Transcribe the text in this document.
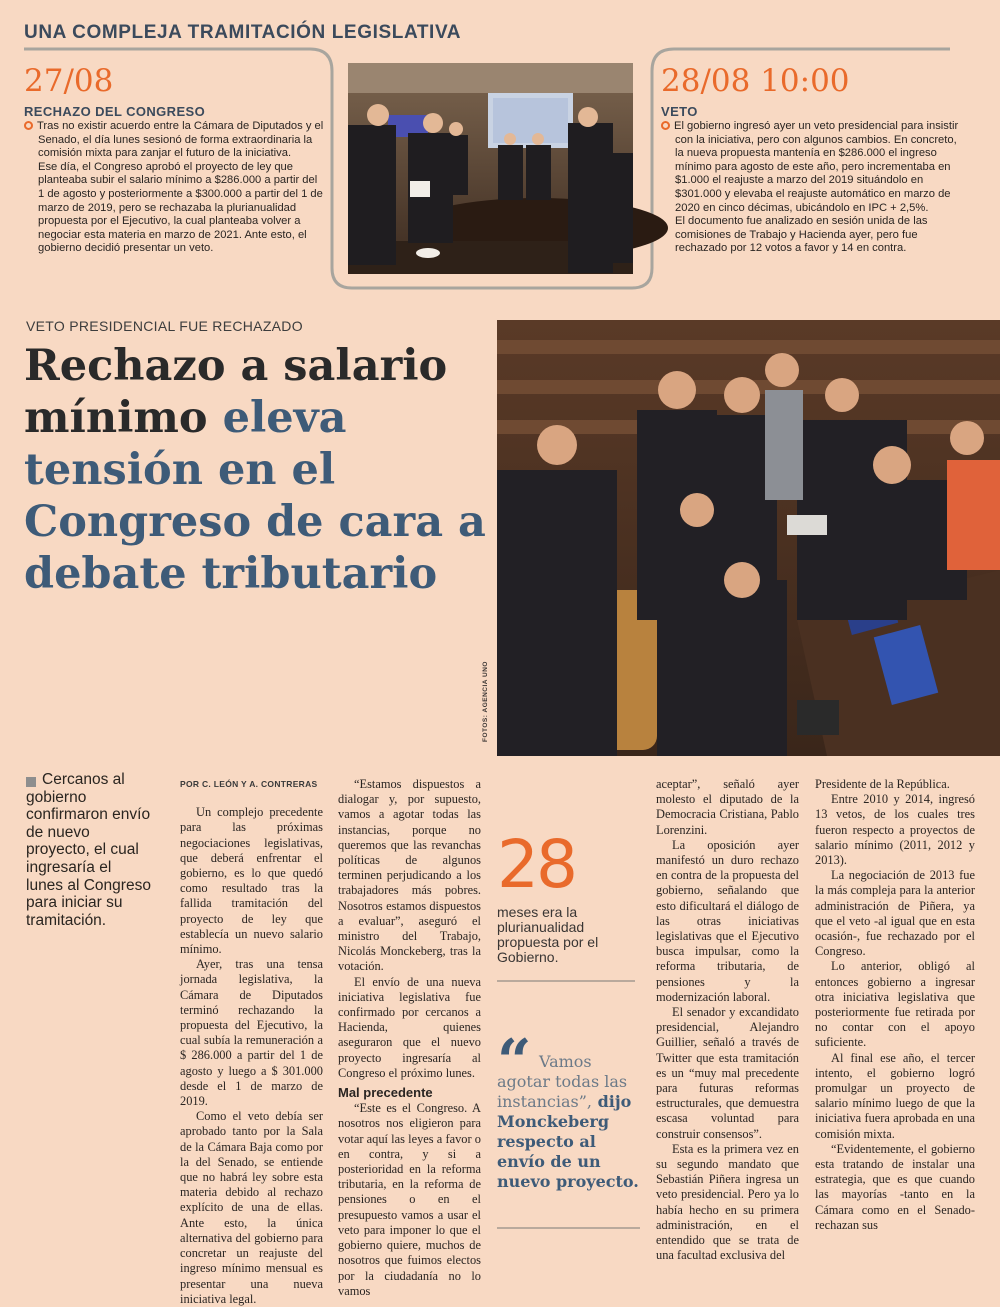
UNA COMPLEJA TRAMITACIÓN LEGISLATIVA
27/08
RECHAZO DEL CONGRESO

Tras no existir acuerdo entre la Cámara de Diputados y el Senado, el día lunes sesionó de forma extraordinaria la comisión mixta para zanjar el futuro de la iniciativa.

Ese día, el Congreso aprobó el proyecto de ley que planteaba subir el salario mínimo a $286.000 a partir del 1 de agosto y posteriormente a $300.000 a partir del 1 de marzo de 2019, pero se rechazaba la plurianualidad propuesta por el Ejecutivo, la cual planteaba volver a negociar esta materia en marzo de 2021. Ante esto, el gobierno decidió presentar un veto.

28/08 10:00
VETO

El gobierno ingresó ayer un veto presidencial para insistir con la iniciativa, pero con algunos cambios. En concreto, la nueva propuesta mantenía en $286.000 el ingreso mínimo para agosto de este año, pero incrementaba en $1.000 el reajuste a marzo del 2019 situándolo en $301.000 y elevaba el reajuste automático en marzo de 2020 en cinco décimas, ubicándolo en IPC + 2,5%.

El documento fue analizado en sesión unida de las comisiones de Trabajo y Hacienda ayer, pero fue rechazado por 12 votos a favor y 14 en contra.

VETO PRESIDENCIAL FUE RECHAZADO
Rechazo a salario mínimo eleva tensión en el Congreso de cara a debate tributario
FOTOS: AGENCIA UNO
Cercanos al gobierno confirmaron envío de nuevo proyecto, el cual ingresaría el lunes al Congreso para iniciar su tramitación.
POR C. LEÓN Y A. CONTRERAS

Un complejo precedente para las próximas negociaciones legislativas, que deberá enfrentar el gobierno, es lo que quedó como resultado tras la fallida tramitación del proyecto de ley que establecía un nuevo salario mínimo.

Ayer, tras una tensa jornada legislativa, la Cámara de Diputados terminó rechazando la propuesta del Ejecutivo, la cual subía la remuneración a $ 286.000 a partir del 1 de agosto y luego a $ 301.000 desde el 1 de marzo de 2019.

Como el veto debía ser aprobado tanto por la Sala de la Cámara Baja como por la del Senado, se entiende que no habrá ley sobre esta materia debido al rechazo explícito de una de ellas. Ante esto, la única alternativa del gobierno para concretar un reajuste del ingreso mínimo mensual es presentar una nueva iniciativa legal.

“Estamos dispuestos a dialogar y, por supuesto, vamos a agotar todas las instancias, porque no queremos que las revanchas políticas de algunos terminen perjudicando a los trabajadores más pobres. Nosotros estamos dispuestos a evaluar”, aseguró el ministro del Trabajo, Nicolás Monckeberg, tras la votación.

El envío de una nueva iniciativa legislativa fue confirmado por cercanos a Hacienda, quienes aseguraron que el nuevo proyecto ingresaría al Congreso el próximo lunes.

Mal precedente

“Este es el Congreso. A nosotros nos eligieron para votar aquí las leyes a favor o en contra, y si a posterioridad en la reforma tributaria, en la reforma de pensiones o en el presupuesto vamos a usar el veto para imponer lo que el gobierno quiere, muchos de nosotros que fuimos electos por la ciudadanía no lo vamos

aceptar”, señaló ayer molesto el diputado de la Democracia Cristiana, Pablo Lorenzini.

La oposición ayer manifestó un duro rechazo en contra de la propuesta del gobierno, señalando que esto dificultará el diálogo de las otras iniciativas legislativas que el Ejecutivo busca impulsar, como la reforma tributaria, de pensiones y la modernización laboral.

El senador y excandidato presidencial, Alejandro Guillier, señaló a través de Twitter que esta tramitación es un “muy mal precedente para futuras reformas estructurales, que demuestra escasa voluntad para construir consensos”.

Esta es la primera vez en su segundo mandato que Sebastián Piñera ingresa un veto presidencial. Pero ya lo había hecho en su primera administración, en el entendido que se trata de una facultad exclusiva del

Presidente de la República.

Entre 2010 y 2014, ingresó 13 vetos, de los cuales tres fueron respecto a proyectos de salario mínimo (2011, 2012 y 2013).

La negociación de 2013 fue la más compleja para la anterior administración de Piñera, ya que el veto -al igual que en esta ocasión-, fue rechazado por el Congreso.

Lo anterior, obligó al entonces gobierno a ingresar otra iniciativa legislativa que posteriormente fue retirada por no contar con el apoyo suficiente.

Al final ese año, el tercer intento, el gobierno logró promulgar un proyecto de salario mínimo luego de que la iniciativa fuera aprobada en una comisión mixta.

“Evidentemente, el gobierno esta tratando de instalar una estrategia, que es que cuando las mayorías -tanto en la Cámara como en el Senado- rechazan sus

28
meses era la plurianualidad propuesta por el Gobierno.
“ Vamos agotar todas las instancias”, dijo Monckeberg respecto al envío de un nuevo proyecto.
